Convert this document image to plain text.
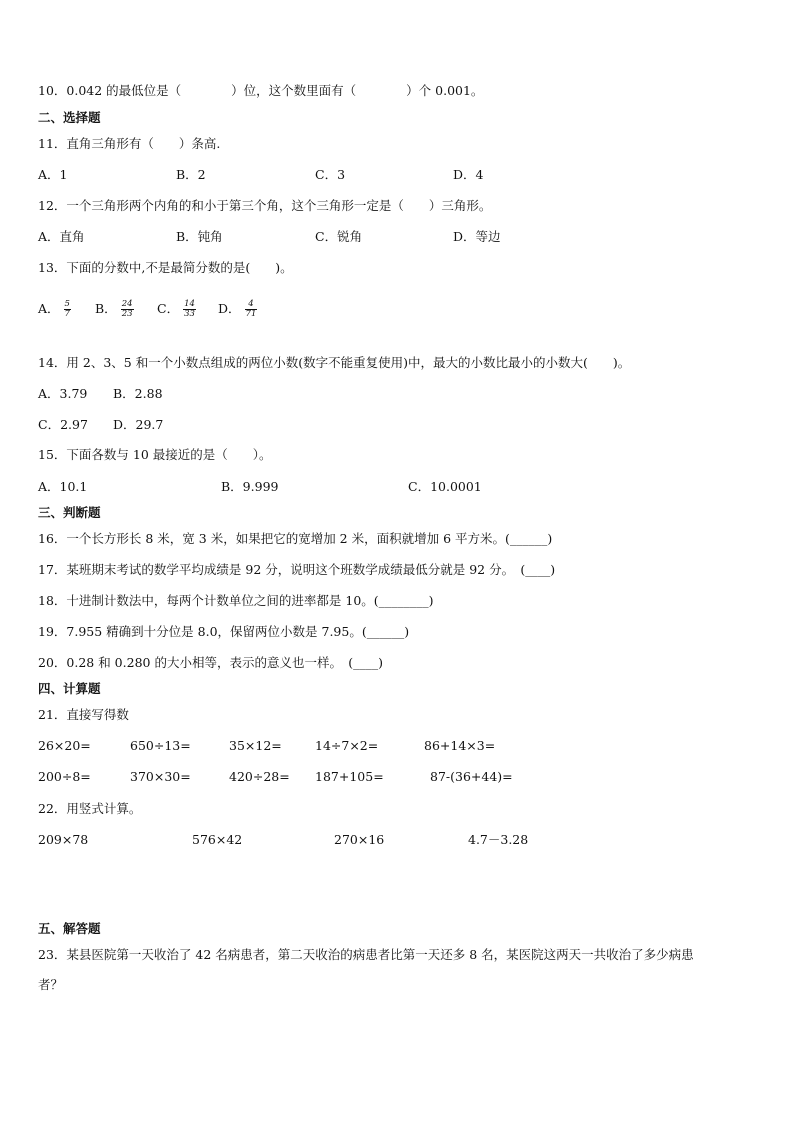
10．0.042 的最低位是（　　　　）位，这个数里面有（　　　　）个 0.001。
二、选择题
11．直角三角形有（　　）条高.
A．1	B．2	C．3	D．4
12．一个三角形两个内角的和小于第三个角，这个三角形一定是（　　）三角形。
A．直角	B．钝角	C．锐角	D．等边
13．下面的分数中,不是最简分数的是(　　)。
A． $\frac{5}{7}$ B． $\frac{24}{23}$ C． $\frac{14}{33}$ D． $\frac{4}{71}$
14．用 2、3、5 和一个小数点组成的两位小数(数字不能重复使用)中，最大的小数比最小的小数大(　　)。
A．3.79 B．2.88
C．2.97 D．29.7
15．下面各数与 10 最接近的是（　　）。
A．10.1	B．9.999	C．10.0001
三、判断题
16．一个长方形长 8 米，宽 3 米，如果把它的宽增加 2 米，面积就增加 6 平方米。(______)
17．某班期末考试的数学平均成绩是 92 分，说明这个班数学成绩最低分就是 92 分。　(____)
18．十进制计数法中，每两个计数单位之间的进率都是 10。(________)
19．7.955 精确到十分位是 8.0，保留两位小数是 7.95。(______)
20．0.28 和 0.280 的大小相等，表示的意义也一样。　(____)
四、计算题
21．直接写得数
26×20=	650÷13=	35×12=	14÷7×2=	86+14×3=
200÷8=	370×30=	420÷28= 187+105=	87-(36+44)=
22．用竖式计算。
209×78	576×42	270×16	4.7－3.28
五、解答题
23．某县医院第一天收治了 42 名病患者，第二天收治的病患者比第一天还多 8 名，某医院这两天一共收治了多少病患
者？
